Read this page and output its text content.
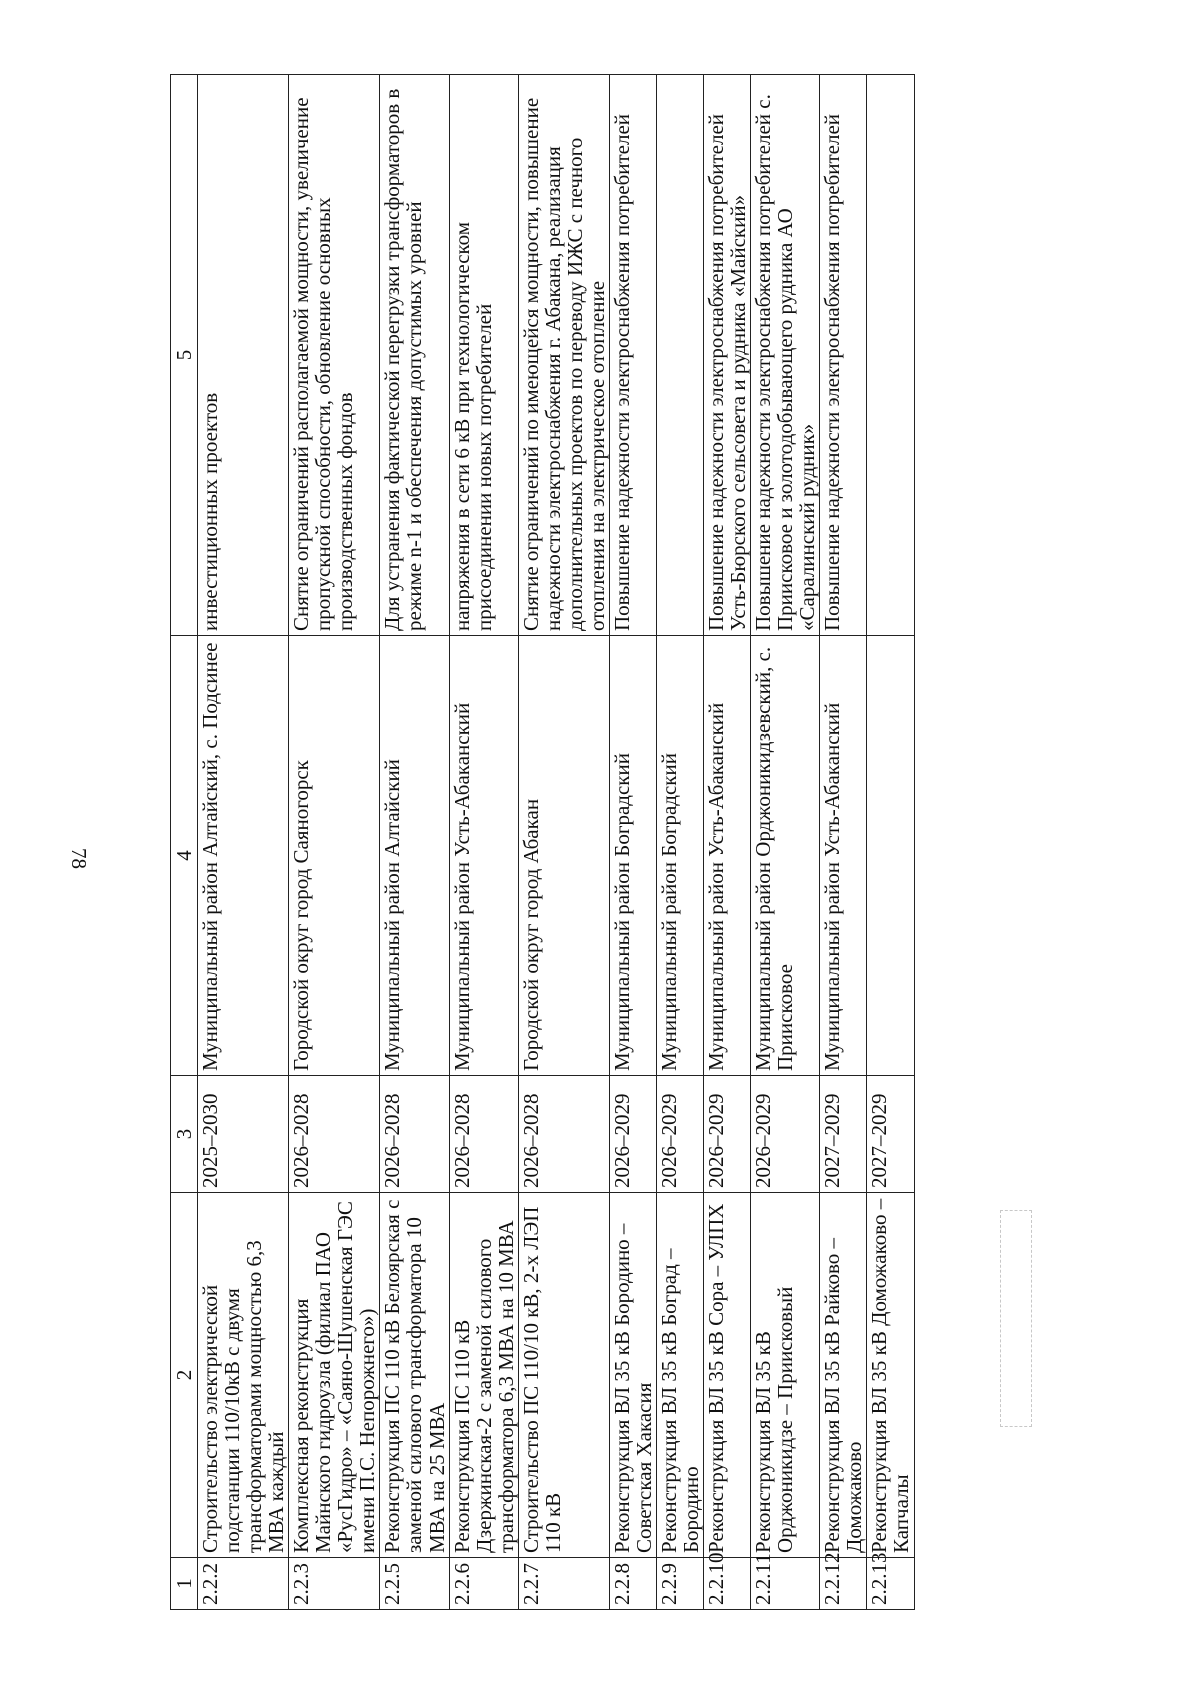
78
1	2	3	4	5
2.2.2	Строительство электрической подстанции 110/10кВ с двумя трансформаторами мощностью 6,3 МВА каждый	2025–2030	Муниципальный район Алтайский, с. Подсинее	инвестиционных проектов
2.2.3	Комплексная реконструкция Майнского гидроузла (филиал ПАО «РусГидро» – «Саяно-Шушенская ГЭС имени П.С. Непорожнего»)	2026–2028	Городской округ город Саяногорск	Снятие ограничений располагаемой мощности, увеличение пропускной способности, обновление основных производственных фондов
2.2.5	Реконструкция ПС 110 кВ Белоярская с заменой силового трансформатора 10 МВА на 25 МВА	2026–2028	Муниципальный район Алтайский	Для устранения фактической перегрузки трансформаторов в режиме n-1 и обеспечения допустимых уровней
2.2.6	Реконструкция ПС 110 кВ Дзержинская-2 с заменой силового трансформатора 6,3 МВА на 10 МВА	2026–2028	Муниципальный район Усть-Абаканский	напряжения в сети 6 кВ при технологическом присоединении новых потребителей
2.2.7	Строительство ПС 110/10 кВ, 2-х ЛЭП 110 кВ	2026–2028	Городской округ город Абакан	Снятие ограничений по имеющейся мощности, повышение надежности электроснабжения г. Абакана, реализация дополнительных проектов по переводу ИЖС с печного отопления на электрическое отопление
2.2.8	Реконструкция ВЛ 35 кВ Бородино – Советская Хакасия	2026–2029	Муниципальный район Боградский	Повышение надежности электроснабжения потребителей
2.2.9	Реконструкция ВЛ 35 кВ Боград – Бородино	2026–2029	Муниципальный район Боградский	
2.2.10	Реконструкция ВЛ 35 кВ Сора – УЛПХ	2026–2029	Муниципальный район Усть-Абаканский	Повышение надежности электроснабжения потребителей Усть-Бюрского сельсовета и рудника «Майский»
2.2.11	Реконструкция ВЛ 35 кВ Орджоникидзе – Приисковый	2026–2029	Муниципальный район Орджоникидзевский, с. Приисковое	Повышение надежности электроснабжения потребителей с. Приисковое и золотодобывающего рудника АО «Саралинский рудник»
2.2.12	Реконструкция ВЛ 35 кВ Райково – Доможаково	2027–2029	Муниципальный район Усть-Абаканский	Повышение надежности электроснабжения потребителей
2.2.13	Реконструкция ВЛ 35 кВ Доможаково – Капчалы	2027–2029		
